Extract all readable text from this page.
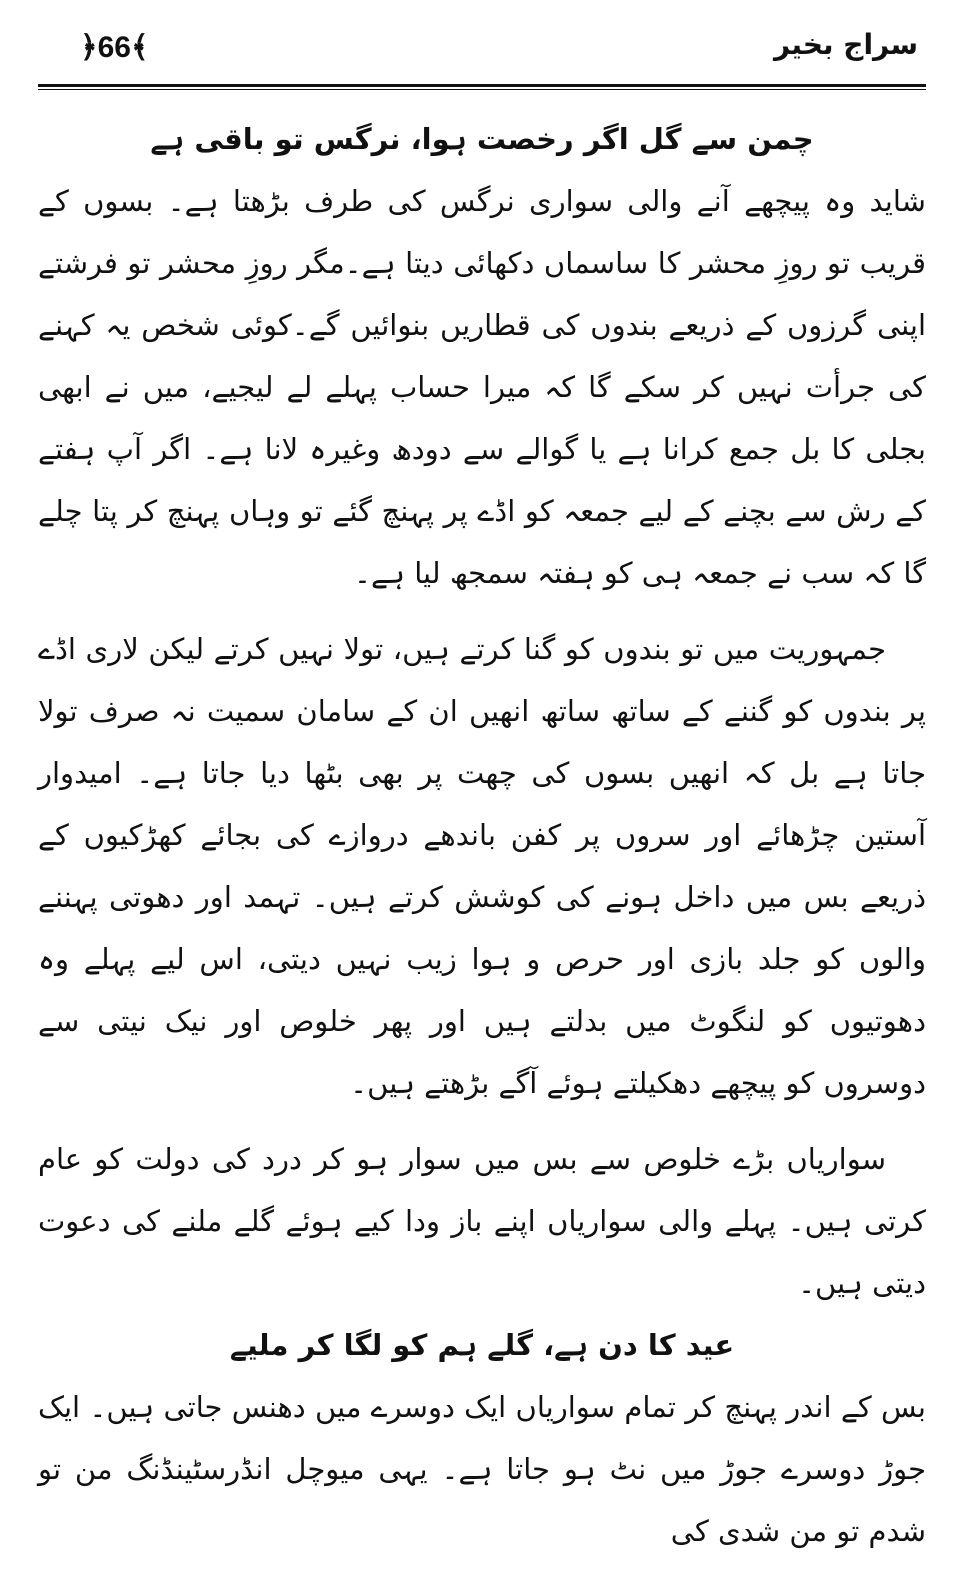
﴿66﴾	سراج بخیر

چمن سے گل اگر رخصت ہوا، نرگس تو باقی ہے

شاید وہ پیچھے آنے والی سواری نرگس کی طرف بڑھتا ہے۔ بسوں کے قریب تو روزِ محشر کا ساسماں دکھائی دیتا ہے۔مگر روزِ محشر تو فرشتے اپنی گرزوں کے ذریعے بندوں کی قطاریں بنوائیں گے۔کوئی شخص یہ کہنے کی جرأت نہیں کر سکے گا کہ میرا حساب پہلے لے لیجیے، میں نے ابھی بجلی کا بل جمع کرانا ہے یا گوالے سے دودھ وغیرہ لانا ہے۔ اگر آپ ہفتے کے رش سے بچنے کے لیے جمعہ کو اڈے پر پہنچ گئے تو وہاں پہنچ کر پتا چلے گا کہ سب نے جمعہ ہی کو ہفتہ سمجھ لیا ہے۔

جمہوریت میں تو بندوں کو گنا کرتے ہیں، تولا نہیں کرتے لیکن لاری اڈے پر بندوں کو گننے کے ساتھ ساتھ انھیں ان کے سامان سمیت نہ صرف تولا جاتا ہے بل کہ انھیں بسوں کی چھت پر بھی بٹھا دیا جاتا ہے۔ امیدوار آستین چڑھائے اور سروں پر کفن باندھے دروازے کی بجائے کھڑکیوں کے ذریعے بس میں داخل ہونے کی کوشش کرتے ہیں۔ تہمد اور دھوتی پہننے والوں کو جلد بازی اور حرص و ہوا زیب نہیں دیتی، اس لیے پہلے وہ دھوتیوں کو لنگوٹ میں بدلتے ہیں اور پھر خلوص اور نیک نیتی سے دوسروں کو پیچھے دھکیلتے ہوئے آگے بڑھتے ہیں۔

سواریاں بڑے خلوص سے بس میں سوار ہو کر درد کی دولت کو عام کرتی ہیں۔ پہلے والی سواریاں اپنے باز ودا کیے ہوئے گلے ملنے کی دعوت دیتی ہیں۔

عید کا دن ہے، گلے ہم کو لگا کر ملیے

بس کے اندر پہنچ کر تمام سواریاں ایک دوسرے میں دھنس جاتی ہیں۔ ایک جوڑ دوسرے جوڑ میں نٹ ہو جاتا ہے۔ یہی میوچل انڈرسٹینڈنگ من تو شدم تو من شدی کی
